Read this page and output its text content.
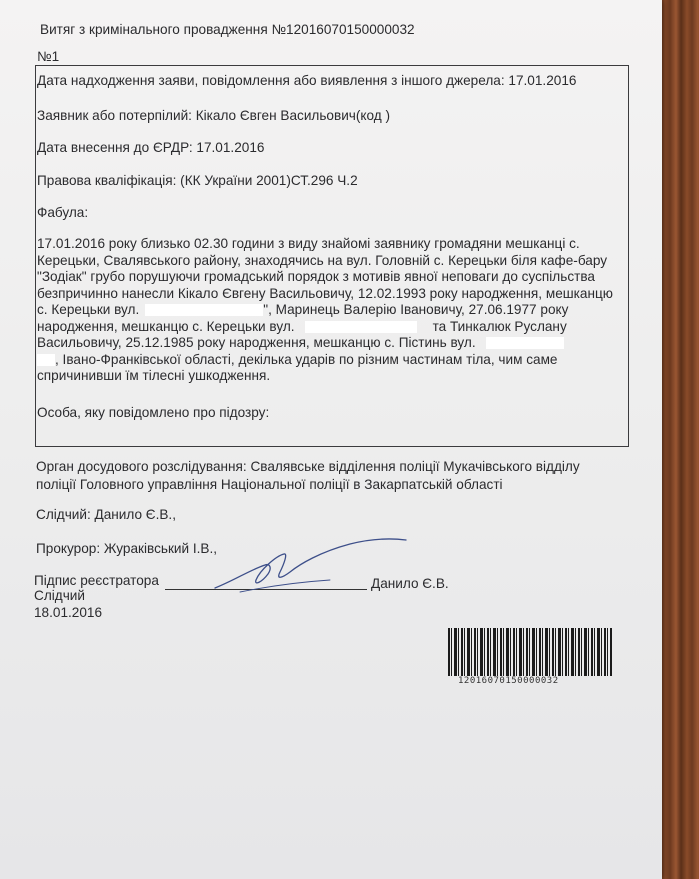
Витяг з кримінального провадження №12016070150000032
№1
Дата надходження заяви, повідомлення або виявлення з іншого джерела: 17.01.2016
Заявник або потерпілий: Кікало Євген Васильович(код )
Дата внесення до ЄРДР: 17.01.2016
Правова кваліфікація: (КК України 2001)СТ.296 Ч.2
Фабула:
17.01.2016 року близько 02.30 години з виду знайомі заявнику громадяни мешканці с.
Керецьки, Свалявського району, знаходячись на вул. Головній с. Керецьки біля кафе-бару
"Зодіак" грубо порушуючи громадський порядок з мотивів явної неповаги до суспільства
безпричинно нанесли Кікало Євгену Васильовичу, 12.02.1993 року народження, мешканцю
с. Керецьки вул.	", Маринець Валерію Івановичу, 27.06.1977 року
народження, мешканцю с. Керецьки вул.	та Тинкалюк Руслану
Васильовичу, 25.12.1985 року народження, мешканцю с. Пістинь вул.
, Івано-Франківської області, декілька ударів по різним частинам тіла, чим саме
спричинивши їм тілесні ушкодження.
Особа, яку повідомлено про підозру:
Орган досудового розслідування: Свалявське відділення поліції Мукачівського відділу
поліції Головного управління Національної поліції в Закарпатській області
Слідчий: Данило Є.В.,
Прокурор: Жураківський І.В.,
Підпис реєстратора	Данило Є.В.
Слідчий
18.01.2016
12016070150000032
